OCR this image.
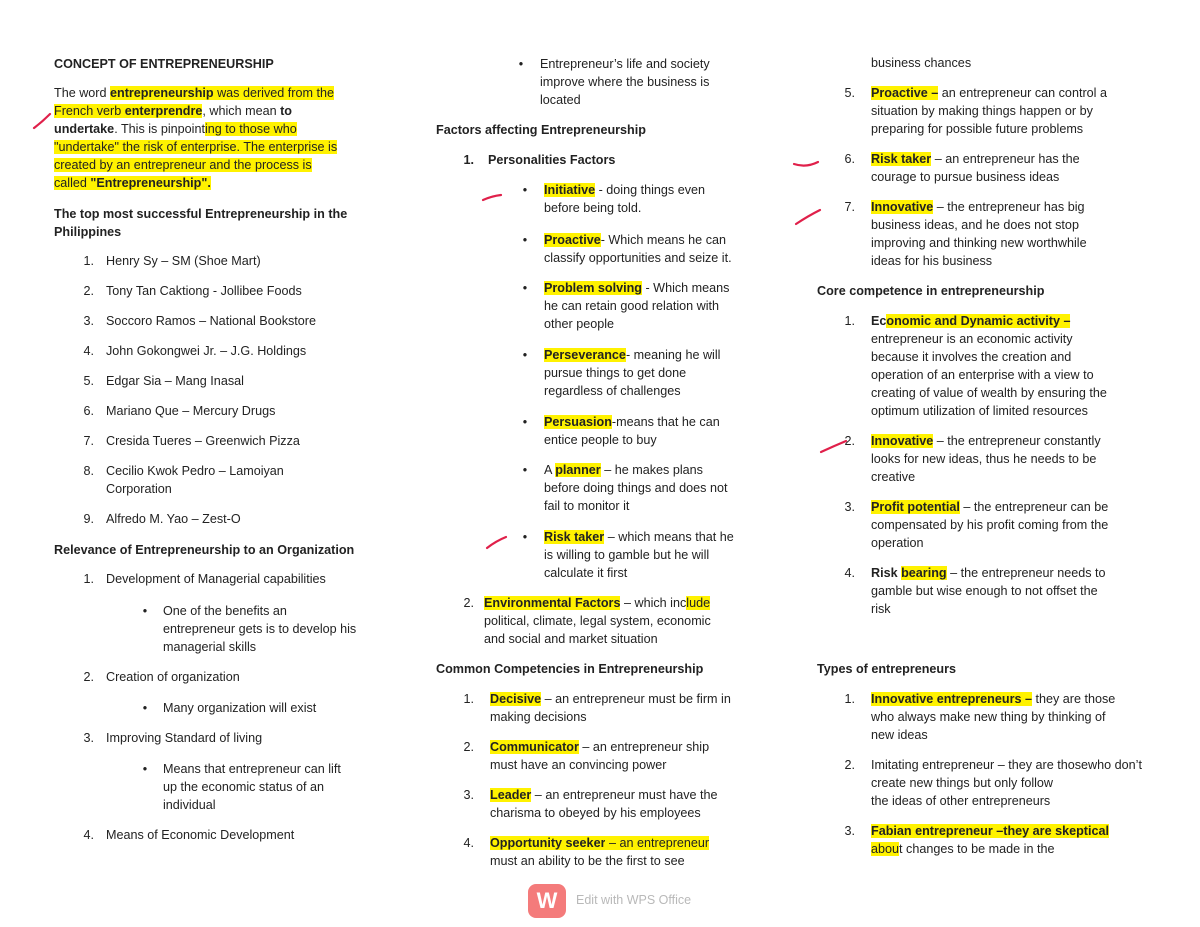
CONCEPT OF ENTREPRENEURSHIP
The word entrepreneurship was derived from the
French verb enterprendre, which mean to
undertake. This is pinpointing to those who
"undertake" the risk of enterprise. The enterprise is
created by an entrepreneur and the process is
called "Entrepreneurship".
The top most successful Entrepreneurship in the
Philippines
1. Henry Sy – SM (Shoe Mart)
2. Tony Tan Caktiong - Jollibee Foods
3. Soccoro Ramos – National Bookstore
4. John Gokongwei Jr. – J.G. Holdings
5. Edgar Sia – Mang Inasal
6. Mariano Que – Mercury Drugs
7. Cresida Tueres – Greenwich Pizza
8. Cecilio Kwok Pedro – Lamoiyan
Corporation
9. Alfredo M. Yao – Zest-O
Relevance of Entrepreneurship to an Organization
1. Development of Managerial capabilities
• One of the benefits an
entrepreneur gets is to develop his
managerial skills
2. Creation of organization
• Many organization will exist
3. Improving Standard of living
• Means that entrepreneur can lift
up the economic status of an
individual
4. Means of Economic Development
• Entrepreneur’s life and society
improve where the business is
located
Factors affecting Entrepreneurship
1. Personalities Factors
• Initiative - doing things even
before being told.
• Proactive- Which means he can
classify opportunities and seize it.
• Problem solving - Which means
he can retain good relation with
other people
• Perseverance- meaning he will
pursue things to get done
regardless of challenges
• Persuasion-means that he can
entice people to buy
• A planner – he makes plans
before doing things and does not
fail to monitor it
• Risk taker – which means that he
is willing to gamble but he will
calculate it first
2. Environmental Factors – which include
political, climate, legal system, economic
and social and market situation
Common Competencies in Entrepreneurship
1. Decisive – an entrepreneur must be firm in
making decisions
2. Communicator – an entrepreneur ship
must have an convincing power
3. Leader – an entrepreneur must have the
charisma to obeyed by his employees
4. Opportunity seeker – an entrepreneur
must an ability to be the first to see
business chances
5. Proactive – an entrepreneur can control a
situation by making things happen or by
preparing for possible future problems
6. Risk taker – an entrepreneur has the
courage to pursue business ideas
7. Innovative – the entrepreneur has big
business ideas, and he does not stop
improving and thinking new worthwhile
ideas for his business
Core competence in entrepreneurship
1. Economic and Dynamic activity –
entrepreneur is an economic activity
because it involves the creation and
operation of an enterprise with a view to
creating of value of wealth by ensuring the
optimum utilization of limited resources
2. Innovative – the entrepreneur constantly
looks for new ideas, thus he needs to be
creative
3. Profit potential – the entrepreneur can be
compensated by his profit coming from the
operation
4. Risk bearing – the entrepreneur needs to
gamble but wise enough to not offset the
risk
Types of entrepreneurs
1. Innovative entrepreneurs – they are those
who always make new thing by thinking of
new ideas
2. Imitating entrepreneur – they are thosewho don’t create new things but only follow
the ideas of other entrepreneurs
3. Fabian entrepreneur –they are skeptical
about changes to be made in the
W	Edit with WPS Office
